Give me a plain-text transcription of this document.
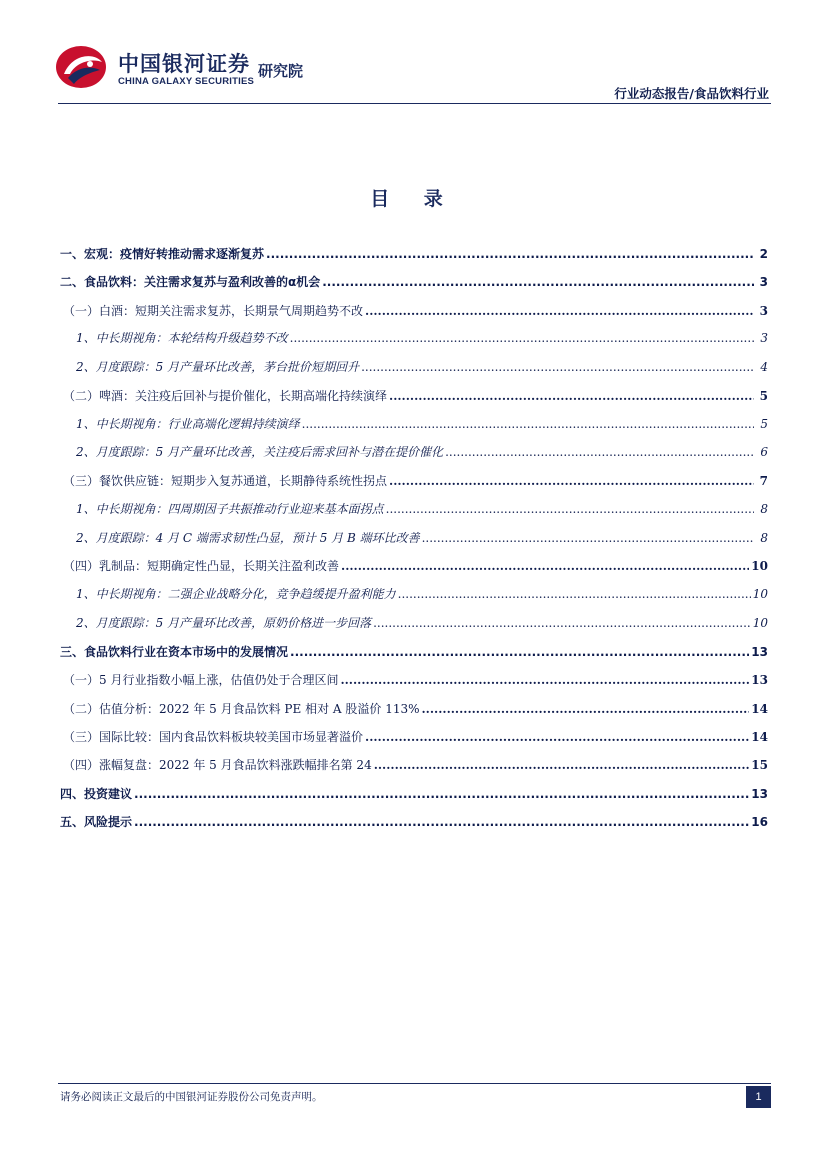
中国银河证券
CHINA GALAXY SECURITIES
研究院
行业动态报告/食品饮料行业
目 录
一、宏观：疫情好转推动需求逐渐复苏 .....	2
二、食品饮料：关注需求复苏与盈利改善的α机会 .....	3
（一）白酒：短期关注需求复苏，长期景气周期趋势不改 .....	3
1、中长期视角：本轮结构升级趋势不改 .....	3
2、月度跟踪：5 月产量环比改善，茅台批价短期回升 .....	4
（二）啤酒：关注疫后回补与提价催化，长期高端化持续演绎 .....	5
1、中长期视角：行业高端化逻辑持续演绎 .....	5
2、月度跟踪：5 月产量环比改善，关注疫后需求回补与潜在提价催化 .....	6
（三）餐饮供应链：短期步入复苏通道，长期静待系统性拐点 .....	7
1、中长期视角：四周期因子共振推动行业迎来基本面拐点 .....	8
2、月度跟踪：4 月 C 端需求韧性凸显，预计 5 月 B 端环比改善 .....	8
（四）乳制品：短期确定性凸显，长期关注盈利改善 .....	10
1、中长期视角：二强企业战略分化，竞争趋缓提升盈利能力 .....	10
2、月度跟踪：5 月产量环比改善，原奶价格进一步回落 .....	10
三、食品饮料行业在资本市场中的发展情况 .....	13
（一）5 月行业指数小幅上涨，估值仍处于合理区间 .....	13
（二）估值分析：2022 年 5 月食品饮料 PE 相对 A 股溢价 113% .....	14
（三）国际比较：国内食品饮料板块较美国市场显著溢价 .....	14
（四）涨幅复盘：2022 年 5 月食品饮料涨跌幅排名第 24 .....	15
四、投资建议 .....	13
五、风险提示 .....	16
请务必阅读正文最后的中国银河证券股份公司免责声明。	1
